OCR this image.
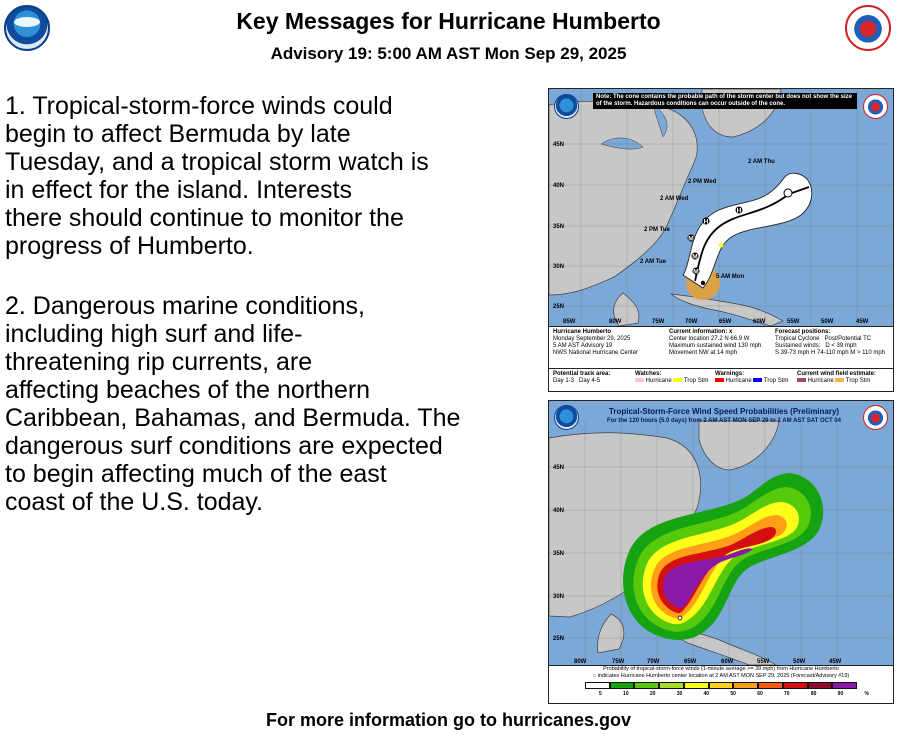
Key Messages for Hurricane Humberto
Advisory 19: 5:00 AM AST Mon Sep 29, 2025
1. Tropical-storm-force winds could
begin to affect Bermuda by late
Tuesday, and a tropical storm watch is
in effect for the island. Interests
there should continue to monitor the
progress of Humberto.
2. Dangerous marine conditions,
including high surf and life-
threatening rip currents, are
affecting beaches of the northern
Caribbean, Bahamas, and Bermuda. The
dangerous surf conditions are expected
to begin affecting much of the east
coast of the U.S. today.
M
M
M
H
H
2 AM Thu
2 PM Wed
2 AM Wed
2 PM Tue
2 AM Tue
5 AM Mon
45N
40N
35N
30N
25N
85W	80W	75W	70W	65W	60W	55W	50W	45W
Note: The cone contains the probable path of the storm center but does not show the size of the storm. Hazardous conditions can occur outside of the cone.
Hurricane Humberto
Monday September 29, 2025
5 AM AST Advisory 19
NWS National Hurricane Center
Current information: x
Center location 27.2 N 66.9 W
Maximum sustained wind 130 mph
Movement NW at 14 mph
Forecast positions:
Tropical Cyclone Post/Potential TC
Sustained winds: D < 39 mph
S 39-73 mph H 74-110 mph M > 110 mph
Potential track area:
Day 1-3 Day 4-5
Watches:
Hurricane Trop Stm
Warnings:
Hurricane Trop Stm
Current wind field estimate:
Hurricane Trop Stm
45N
40N
35N
30N
25N
80W	75W	70W	65W	60W	55W	50W	45W
Tropical-Storm-Force Wind Speed Probabilities (Preliminary)
For the 120 hours (5.0 days) from 2 AM AST MON SEP 29 to 2 AM AST SAT OCT 04
Probability of tropical-storm-force winds (1-minute average >= 39 mph) from Hurricane Humberto
○ indicates Hurricane Humberto center location at 2 AM AST MON SEP 29, 2025 (Forecast/Advisory #19)
5	10	20	30	40	50	60	70	80	90	%
For more information go to hurricanes.gov
